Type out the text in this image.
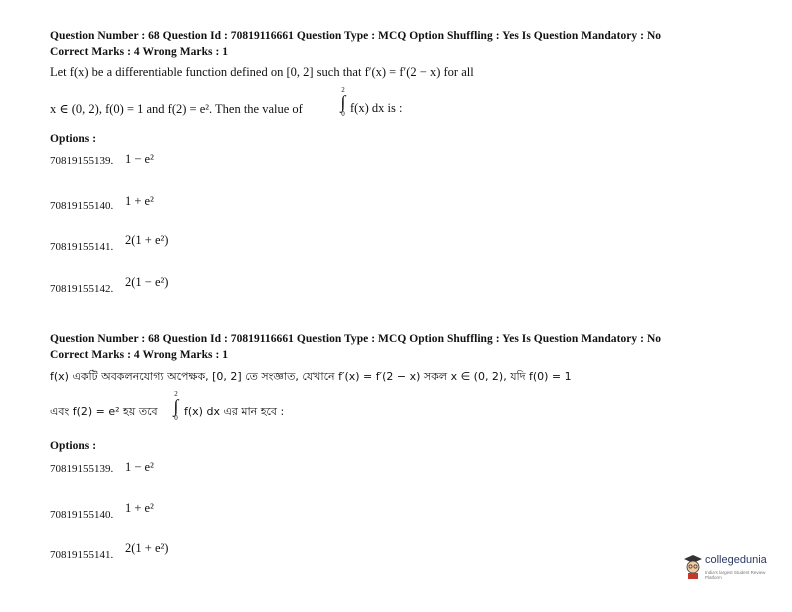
Question Number : 68 Question Id : 70819116661 Question Type : MCQ Option Shuffling : Yes Is Question Mandatory : No
Correct Marks : 4 Wrong Marks : 1
Let f(x) be a differentiable function defined on [0, 2] such that f′(x) = f′(2 − x) for all
x ∈ (0, 2), f(0) = 1 and f(2) = e². Then the value of
2
∫
0 f(x) dx is :
Options :
70819155139. 1 − e²
70819155140. 1 + e²
70819155141. 2(1 + e²)
70819155142. 2(1 − e²)
Question Number : 68 Question Id : 70819116661 Question Type : MCQ Option Shuffling : Yes Is Question Mandatory : No
Correct Marks : 4 Wrong Marks : 1
f(x) একটি অবকলনযোগ্য অপেক্ষক, [0, 2] তে সংজ্ঞাত, যেখানে f′(x) = f′(2 − x) সকল x ∈ (0, 2), যদি f(0) = 1
এবং f(2) = e² হয় তবে
2
∫
0 f(x) dx এর মান হবে :
Options :
70819155139. 1 − e²
70819155140. 1 + e²
70819155141. 2(1 + e²)
collegedunia
India's largest Student Review Platform
